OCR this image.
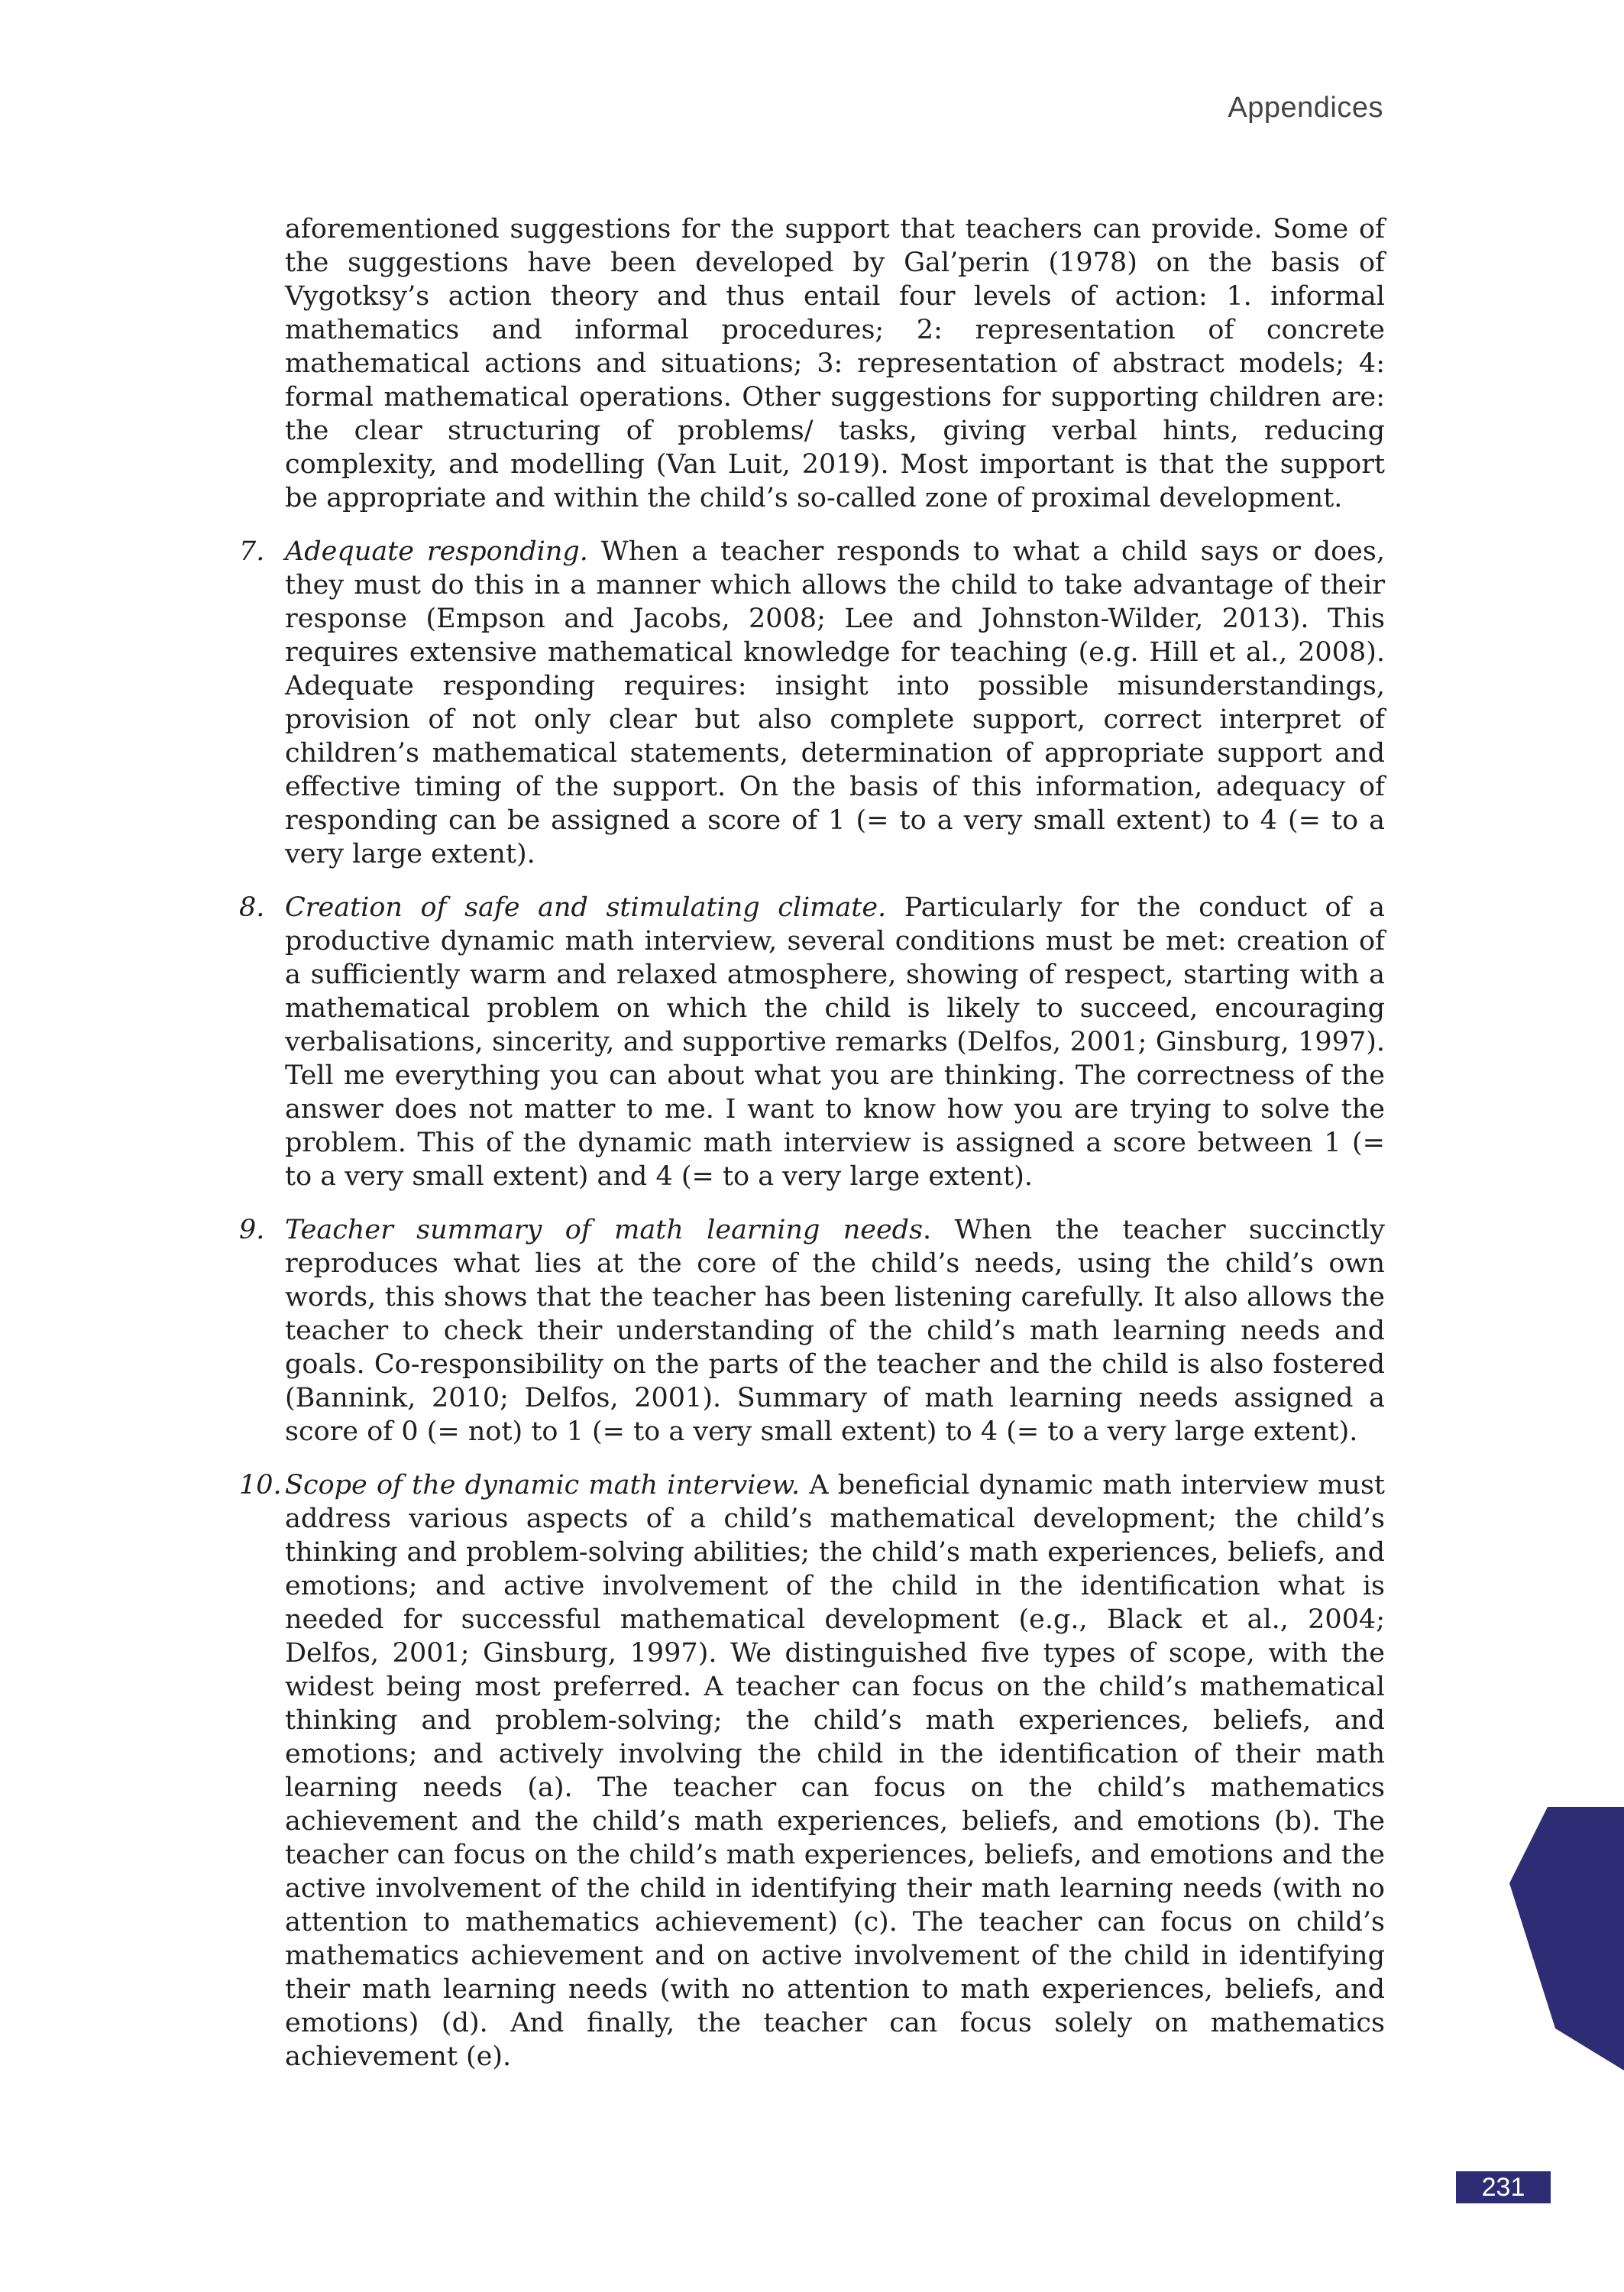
Appendices

aforementioned suggestions for the support that teachers can provide. Some of the suggestions have been developed by Gal’perin (1978) on the basis of Vygotksy’s action theory and thus entail four levels of action: 1. informal mathematics and informal procedures; 2: representation of concrete mathematical actions and situations; 3: representation of abstract models; 4: formal mathematical operations. Other suggestions for supporting children are: the clear structuring of problems/ tasks, giving verbal hints, reducing complexity, and modelling (Van Luit, 2019). Most important is that the support be appropriate and within the child’s so-called zone of proximal development.

7. Adequate responding. When a teacher responds to what a child says or does, they must do this in a manner which allows the child to take advantage of their response (Empson and Jacobs, 2008; Lee and Johnston-Wilder, 2013). This requires extensive mathematical knowledge for teaching (e.g. Hill et al., 2008). Adequate responding requires: insight into possible misunderstandings, provision of not only clear but also complete support, correct interpret of children’s mathematical statements, determination of appropriate support and effective timing of the support. On the basis of this information, adequacy of responding can be assigned a score of 1 (= to a very small extent) to 4 (= to a very large extent).
8. Creation of safe and stimulating climate. Particularly for the conduct of a productive dynamic math interview, several conditions must be met: creation of a sufficiently warm and relaxed atmosphere, showing of respect, starting with a mathematical problem on which the child is likely to succeed, encouraging verbalisations, sincerity, and supportive remarks (Delfos, 2001; Ginsburg, 1997). Tell me everything you can about what you are thinking. The correctness of the answer does not matter to me. I want to know how you are trying to solve the problem. This of the dynamic math interview is assigned a score between 1 (= to a very small extent) and 4 (= to a very large extent).
9. Teacher summary of math learning needs. When the teacher succinctly reproduces what lies at the core of the child’s needs, using the child’s own words, this shows that the teacher has been listening carefully. It also allows the teacher to check their understanding of the child’s math learning needs and goals. Co-responsibility on the parts of the teacher and the child is also fostered (Bannink, 2010; Delfos, 2001). Summary of math learning needs assigned a score of 0 (= not) to 1 (= to a very small extent) to 4 (= to a very large extent).
10. Scope of the dynamic math interview. A beneficial dynamic math interview must address various aspects of a child’s mathematical development; the child’s thinking and problem-solving abilities; the child’s math experiences, beliefs, and emotions; and active involvement of the child in the identification what is needed for successful mathematical development (e.g., Black et al., 2004; Delfos, 2001; Ginsburg, 1997). We distinguished five types of scope, with the widest being most preferred. A teacher can focus on the child’s mathematical thinking and problem-solving; the child’s math experiences, beliefs, and emotions; and actively involving the child in the identification of their math learning needs (a). The teacher can focus on the child’s mathematics achievement and the child’s math experiences, beliefs, and emotions (b). The teacher can focus on the child’s math experiences, beliefs, and emotions and the active involvement of the child in identifying their math learning needs (with no attention to mathematics achievement) (c). The teacher can focus on child’s mathematics achievement and on active involvement of the child in identifying their math learning needs (with no attention to math experiences, beliefs, and emotions) (d). And finally, the teacher can focus solely on mathematics achievement (e).
231
